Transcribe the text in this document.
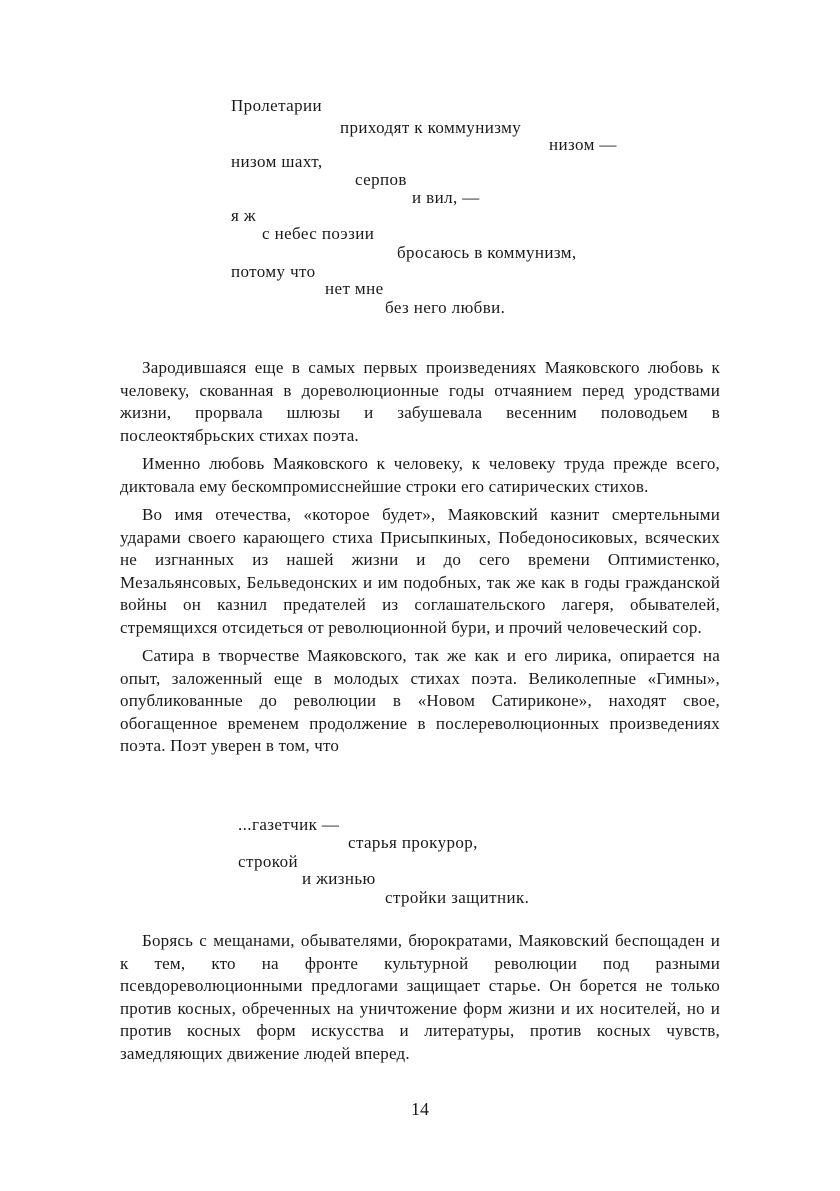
Пролетарии
приходят к коммунизму
низом —
низом шахт,
серпов
и вил, —
я ж
с небес поэзии
бросаюсь в коммунизм,
потому что
нет мне
без него любви.

Зародившаяся еще в самых первых произведениях Маяковского любовь к человеку, скованная в дореволюционные годы отчаянием перед уродствами жизни, прорвала шлюзы и забушевала весенним половодьем в послеоктябрьских стихах поэта.

Именно любовь Маяковского к человеку, к человеку труда прежде всего, диктовала ему бескомпромисснейшие строки его сатирических стихов.

Во имя отечества, «которое будет», Маяковский казнит смертельными ударами своего карающего стиха Присыпкиных, Победоносиковых, всяческих не изгнанных из нашей жизни и до сего времени Оптимистенко, Мезальянсовых, Бельведонских и им подобных, так же как в годы гражданской войны он казнил предателей из соглашательского лагеря, обывателей, стремящихся отсидеться от революционной бури, и прочий человеческий сор.

Сатира в творчестве Маяковского, так же как и его лирика, опирается на опыт, заложенный еще в молодых стихах поэта. Великолепные «Гимны», опубликованные до революции в «Новом Сатириконе», находят свое, обогащенное временем продолжение в послереволюционных произведениях поэта. Поэт уверен в том, что

...газетчик —
старья прокурор,
строкой
и жизнью
стройки защитник.

Борясь с мещанами, обывателями, бюрократами, Маяковский беспощаден и к тем, кто на фронте культурной революции под разными псевдореволюционными предлогами защищает старье. Он борется не только против косных, обреченных на уничтожение форм жизни и их носителей, но и против косных форм искусства и литературы, против косных чувств, замедляющих движение людей вперед.

14
